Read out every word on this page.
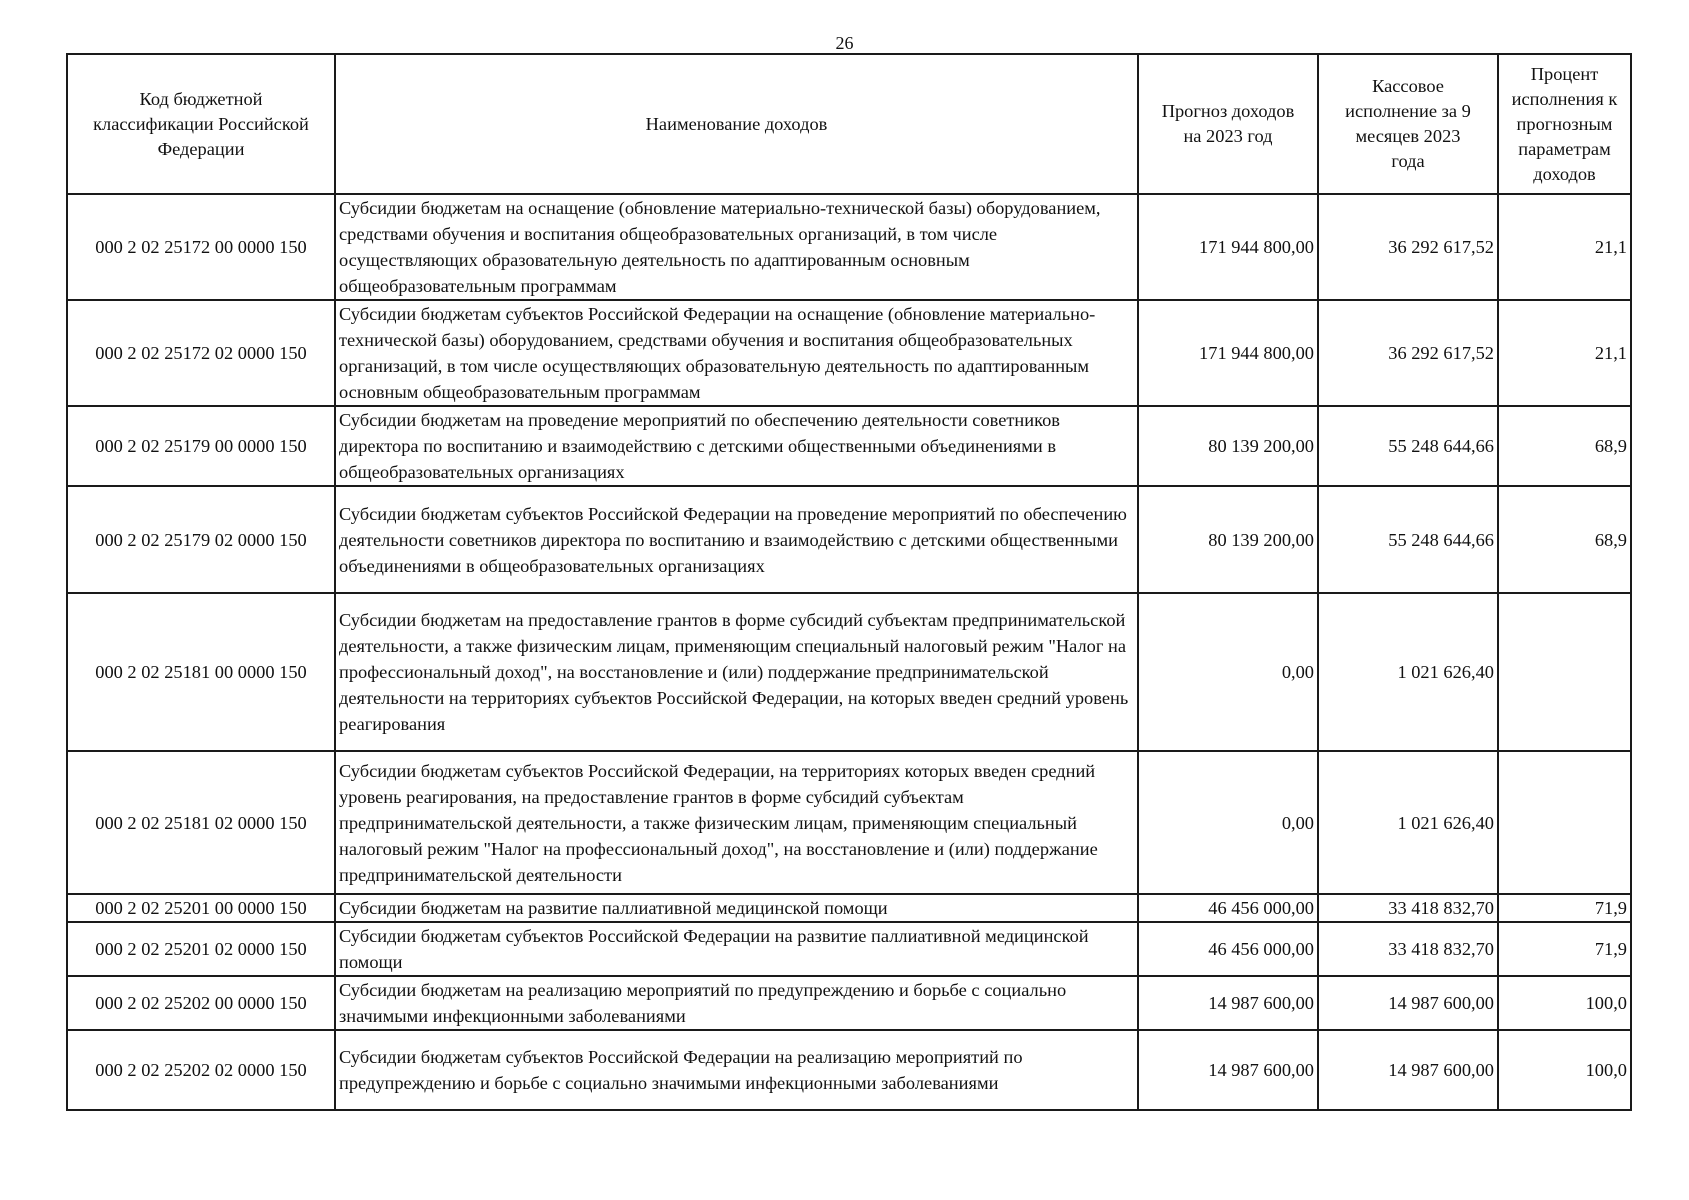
26
Код бюджетной классификации Российской Федерации	Наименование доходов	Прогноз доходов на 2023 год	Кассовое исполнение за 9 месяцев 2023 года	Процент исполнения к прогнозным параметрам доходов
000 2 02 25172 00 0000 150	Субсидии бюджетам на оснащение (обновление материально-технической базы) оборудованием, средствами обучения и воспитания общеобразовательных организаций, в том числе осуществляющих образовательную деятельность по адаптированным основным общеобразовательным программам	171 944 800,00	36 292 617,52	21,1
000 2 02 25172 02 0000 150	Субсидии бюджетам субъектов Российской Федерации на оснащение (обновление материально-технической базы) оборудованием, средствами обучения и воспитания общеобразовательных организаций, в том числе осуществляющих образовательную деятельность по адаптированным основным общеобразовательным программам	171 944 800,00	36 292 617,52	21,1
000 2 02 25179 00 0000 150	Субсидии бюджетам на проведение мероприятий по обеспечению деятельности советников директора по воспитанию и взаимодействию с детскими общественными объединениями в общеобразовательных организациях	80 139 200,00	55 248 644,66	68,9
000 2 02 25179 02 0000 150	Субсидии бюджетам субъектов Российской Федерации на проведение мероприятий по обеспечению деятельности советников директора по воспитанию и взаимодействию с детскими общественными объединениями в общеобразовательных организациях	80 139 200,00	55 248 644,66	68,9
000 2 02 25181 00 0000 150	Субсидии бюджетам на предоставление грантов в форме субсидий субъектам предпринимательской деятельности, а также физическим лицам, применяющим специальный налоговый режим "Налог на профессиональный доход", на восстановление и (или) поддержание предпринимательской деятельности на территориях субъектов Российской Федерации, на которых введен средний уровень реагирования	0,00	1 021 626,40	
000 2 02 25181 02 0000 150	Субсидии бюджетам субъектов Российской Федерации, на территориях которых введен средний уровень реагирования, на предоставление грантов в форме субсидий субъектам предпринимательской деятельности, а также физическим лицам, применяющим специальный налоговый режим "Налог на профессиональный доход", на восстановление и (или) поддержание предпринимательской деятельности	0,00	1 021 626,40	
000 2 02 25201 00 0000 150	Субсидии бюджетам на развитие паллиативной медицинской помощи	46 456 000,00	33 418 832,70	71,9
000 2 02 25201 02 0000 150	Субсидии бюджетам субъектов Российской Федерации на развитие паллиативной медицинской помощи	46 456 000,00	33 418 832,70	71,9
000 2 02 25202 00 0000 150	Субсидии бюджетам на реализацию мероприятий по предупреждению и борьбе с социально значимыми инфекционными заболеваниями	14 987 600,00	14 987 600,00	100,0
000 2 02 25202 02 0000 150	Субсидии бюджетам субъектов Российской Федерации на реализацию мероприятий по предупреждению и борьбе с социально значимыми инфекционными заболеваниями	14 987 600,00	14 987 600,00	100,0
